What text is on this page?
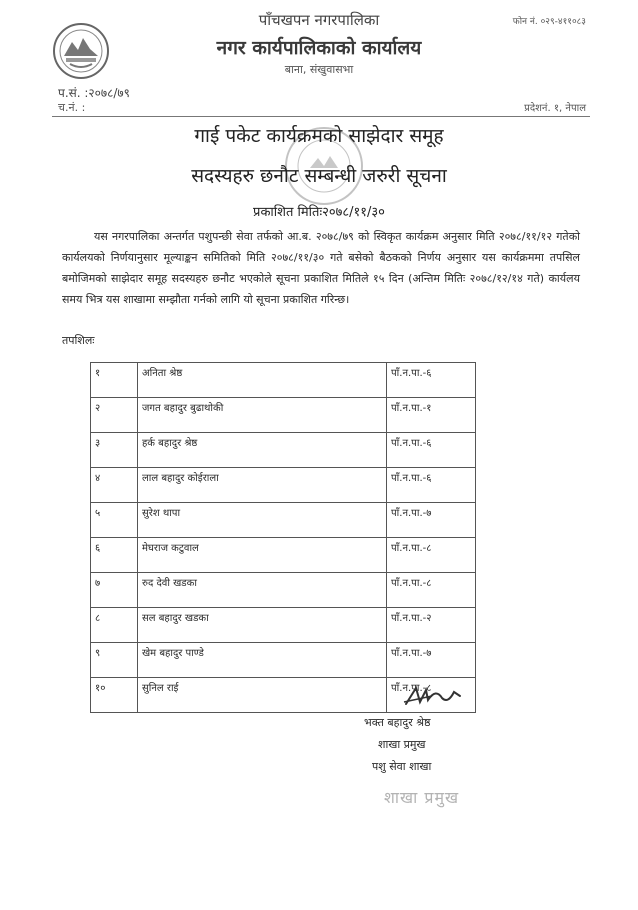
पाँचखपन नगरपालिका
नगर कार्यपालिकाको कार्यालय
बाना, संखुवासभा
फोन नं. ०२९-४११०८३
प.सं. :२०७८/७९
च.नं. :	प्रदेशनं. १, नेपाल
गाई पकेट कार्यक्रमको साझेदार समूह
सदस्यहरु छनौट सम्बन्धी जरुरी सूचना
प्रकाशित मितिः२०७८/११/३०

यस नगरपालिका अन्तर्गत पशुपन्छी सेवा तर्फको आ.ब. २०७८/७९ को स्विकृत कार्यक्रम अनुसार मिति २०७८/११/१२ गतेको कार्यलयको निर्णयानुसार मूल्याङ्कन समितिको मिति २०७८/११/३० गते बसेको बैठकको निर्णय अनुसार यस कार्यक्रममा तपसिल बमोजिमको साझेदार समूह सदस्यहरु छनौट भएकोले सूचना प्रकाशित मितिले १५ दिन (अन्तिम मितिः २०७८/१२/१४ गते) कार्यलय समय भित्र यस शाखामा सम्झौता गर्नको लागि यो सूचना प्रकाशित गरिन्छ।

तपशिलः
१	अनिता श्रेष्ठ	पाँ.न.पा.-६
२	जगत बहादुर बुढाथोकी	पाँ.न.पा.-१
३	हर्क बहादुर श्रेष्ठ	पाँ.न.पा.-६
४	लाल बहादुर कोईराला	पाँ.न.पा.-६
५	सुरेश थापा	पाँ.न.पा.-७
६	मेघराज कटुवाल	पाँ.न.पा.-८
७	रुद देवी खडका	पाँ.न.पा.-८
८	सल बहादुर खडका	पाँ.न.पा.-२
९	खेम बहादुर पाण्डे	पाँ.न.पा.-७
१०	सुनिल राई	पाँ.न.पा.-८
भक्त बहादुर श्रेष्ठ
शाखा प्रमुख
पशु सेवा शाखा
शाखा प्रमुख
